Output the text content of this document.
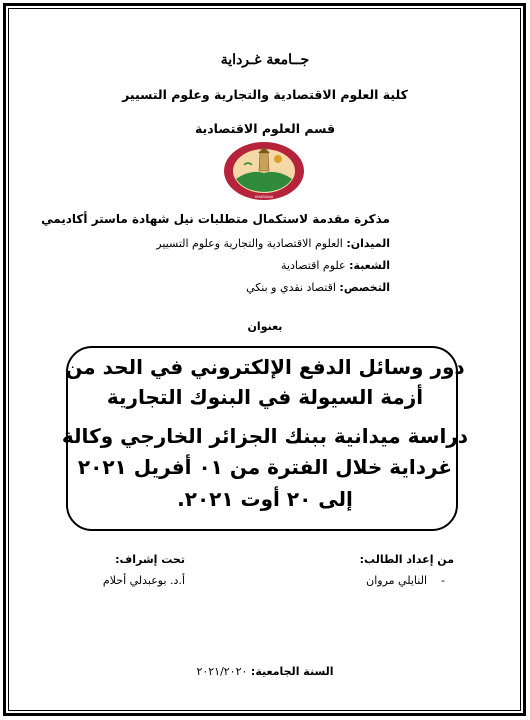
جــامعة غـرداية
كلية العلوم الاقتصادية والتجارية وعلوم التسيير
قسم العلوم الاقتصادية
GHARDAIA
مذكرة مقدمة لاستكمال متطلبات نيل شهادة ماستر أكاديمي
الميدان: العلوم الاقتصادية والتجارية وعلوم التسيير
الشعبة: علوم اقتصادية
التخصص: اقتصاد نقدي و بنكي
بعنوان
دور وسائل الدفع الإلكتروني في الحد من
أزمة السيولة في البنوك التجارية
دراسة ميدانية ببنك الجزائر الخارجي وكالة
غرداية خلال الفترة من ٠١ أفريل ٢٠٢١
إلى ٢٠ أوت ٢٠٢١.
من إعداد الطالب:
النايلي مروان -
تحت إشراف:
أ.د. بوعبدلي أحلام
السنة الجامعية: ٢٠٢١/٢٠٢٠
